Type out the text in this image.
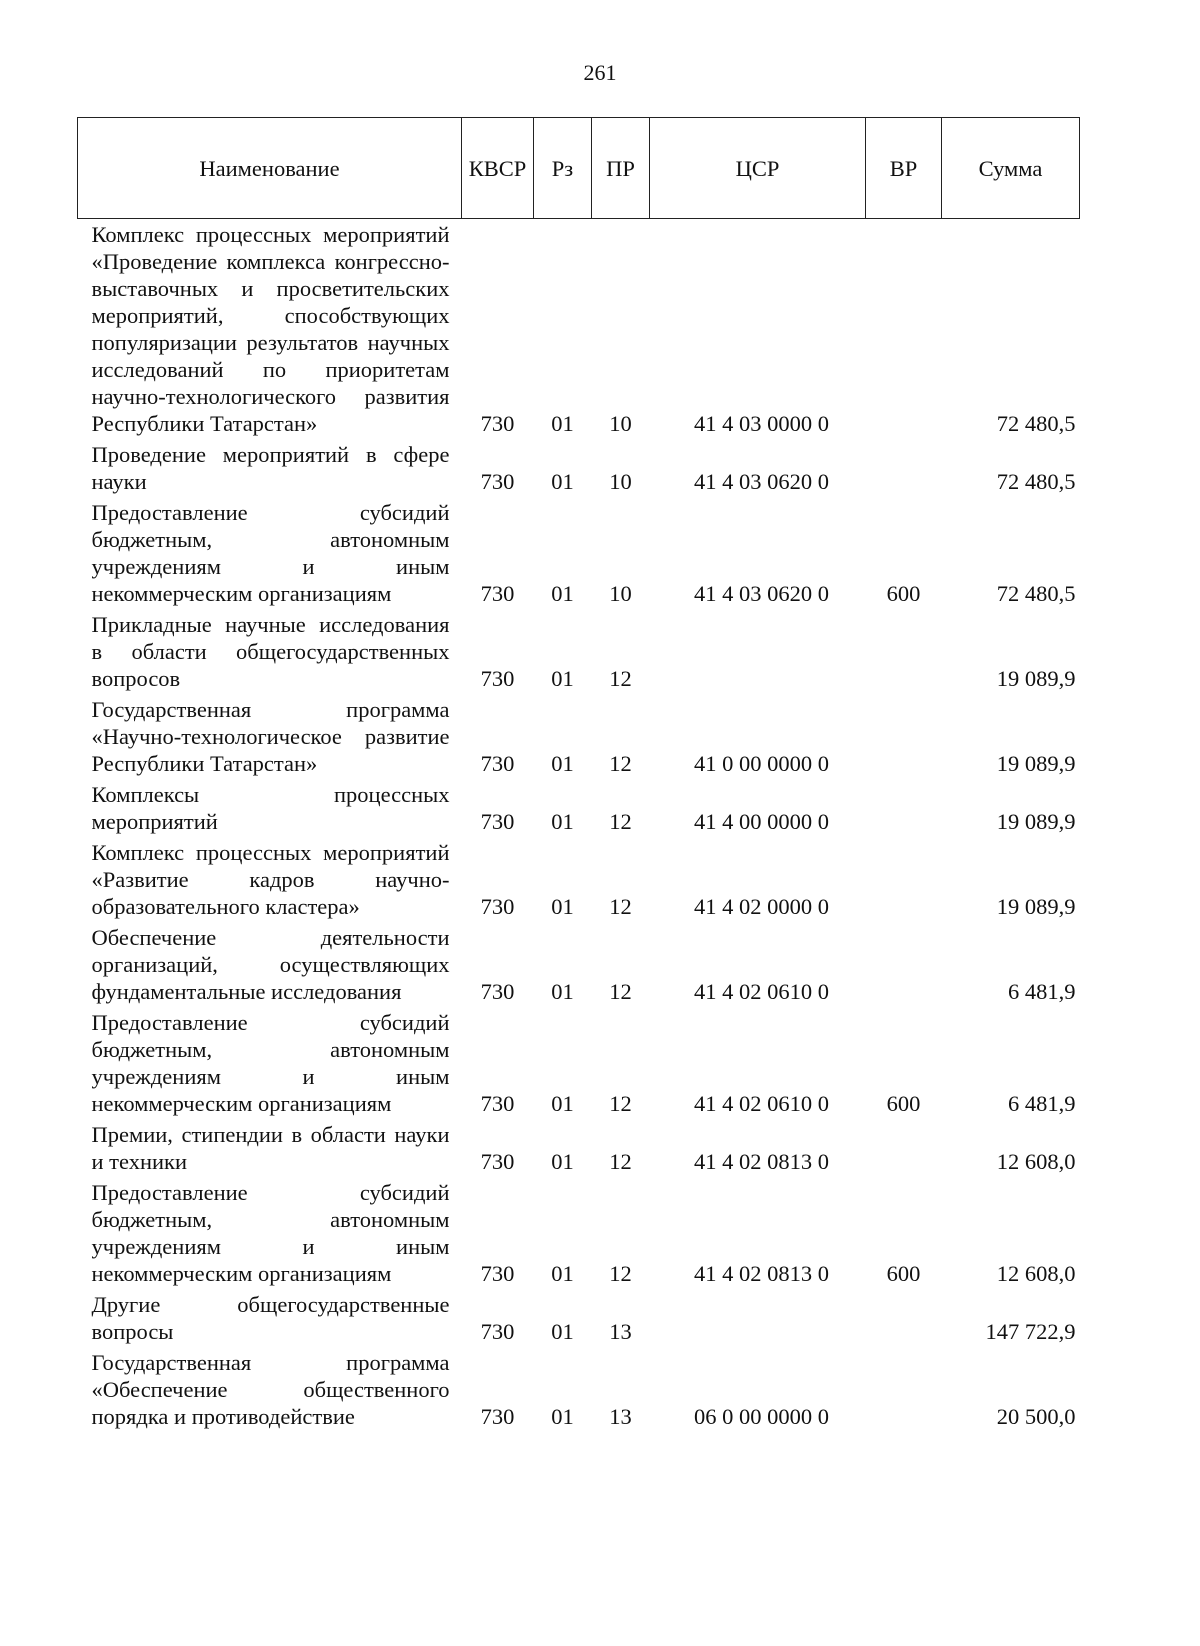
261
Наименование	КВСР	Рз	ПР	ЦСР	ВР	Сумма
Комплекс процессных мероприятий «Проведение комплекса конгрессно-выставочных и просветительских мероприятий, способствующих популяризации результатов научных исследований по приоритетам научно-технологического развития Республики Татарстан»	730	01	10	41 4 03 0000 0		72 480,5
Проведение мероприятий в сфере науки	730	01	10	41 4 03 0620 0		72 480,5
Предоставление субсидий бюджетным, автономным учреждениям и иным некоммерческим организациям	730	01	10	41 4 03 0620 0	600	72 480,5
Прикладные научные исследования в области общегосударственных вопросов	730	01	12			19 089,9
Государственная программа «Научно-технологическое развитие Республики Татарстан»	730	01	12	41 0 00 0000 0		19 089,9
Комплексы процессных мероприятий	730	01	12	41 4 00 0000 0		19 089,9
Комплекс процессных мероприятий «Развитие кадров научно-образовательного кластера»	730	01	12	41 4 02 0000 0		19 089,9
Обеспечение деятельности организаций, осуществляющих фундаментальные исследования	730	01	12	41 4 02 0610 0		6 481,9
Предоставление субсидий бюджетным, автономным учреждениям и иным некоммерческим организациям	730	01	12	41 4 02 0610 0	600	6 481,9
Премии, стипендии в области науки и техники	730	01	12	41 4 02 0813 0		12 608,0
Предоставление субсидий бюджетным, автономным учреждениям и иным некоммерческим организациям	730	01	12	41 4 02 0813 0	600	12 608,0
Другие общегосударственные вопросы	730	01	13			147 722,9
Государственная программа «Обеспечение общественного порядка и противодействие	730	01	13	06 0 00 0000 0		20 500,0
